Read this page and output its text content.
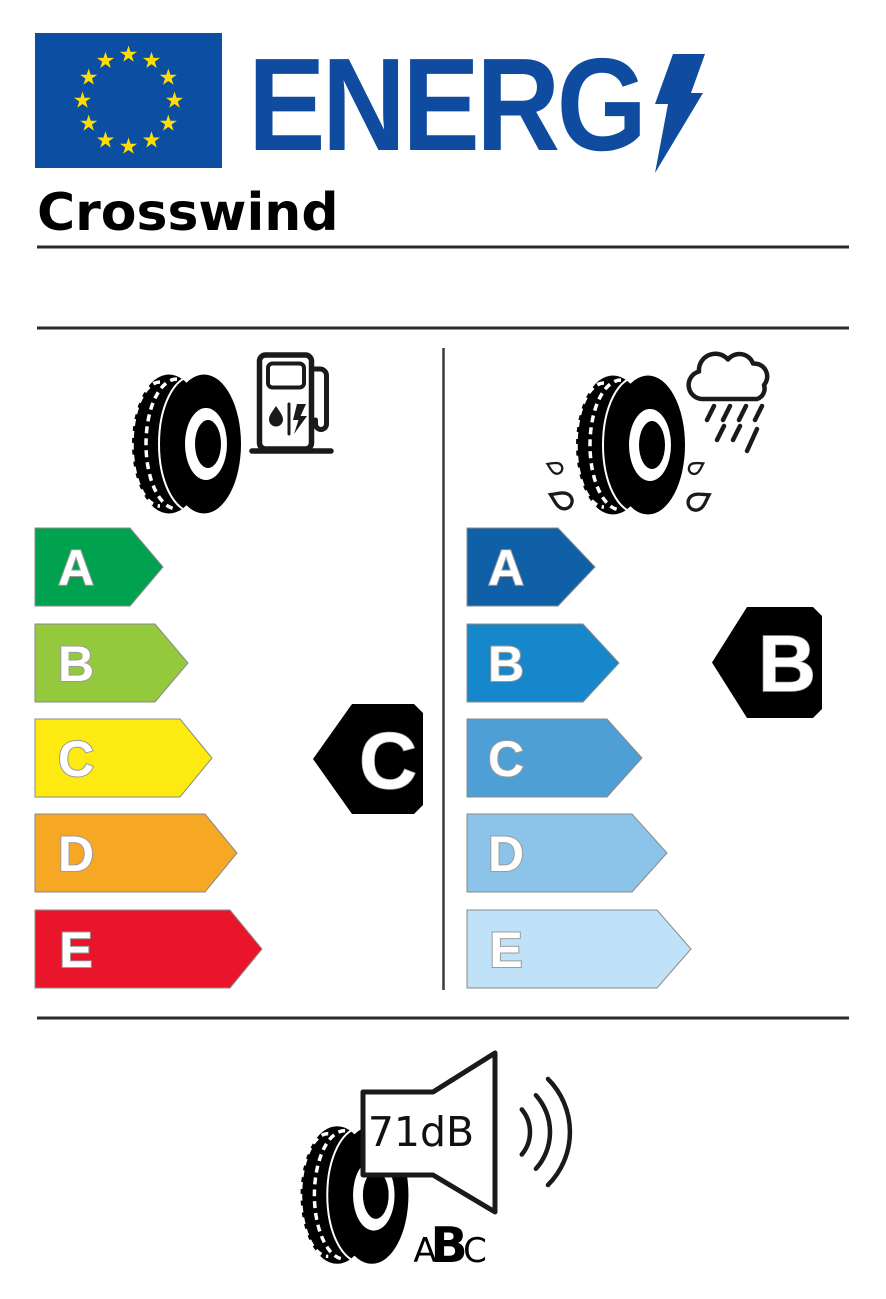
ENERG
Crosswind
A
B
C
D
E
C
A
B
C
D
E
B
71dB
A
B
C
